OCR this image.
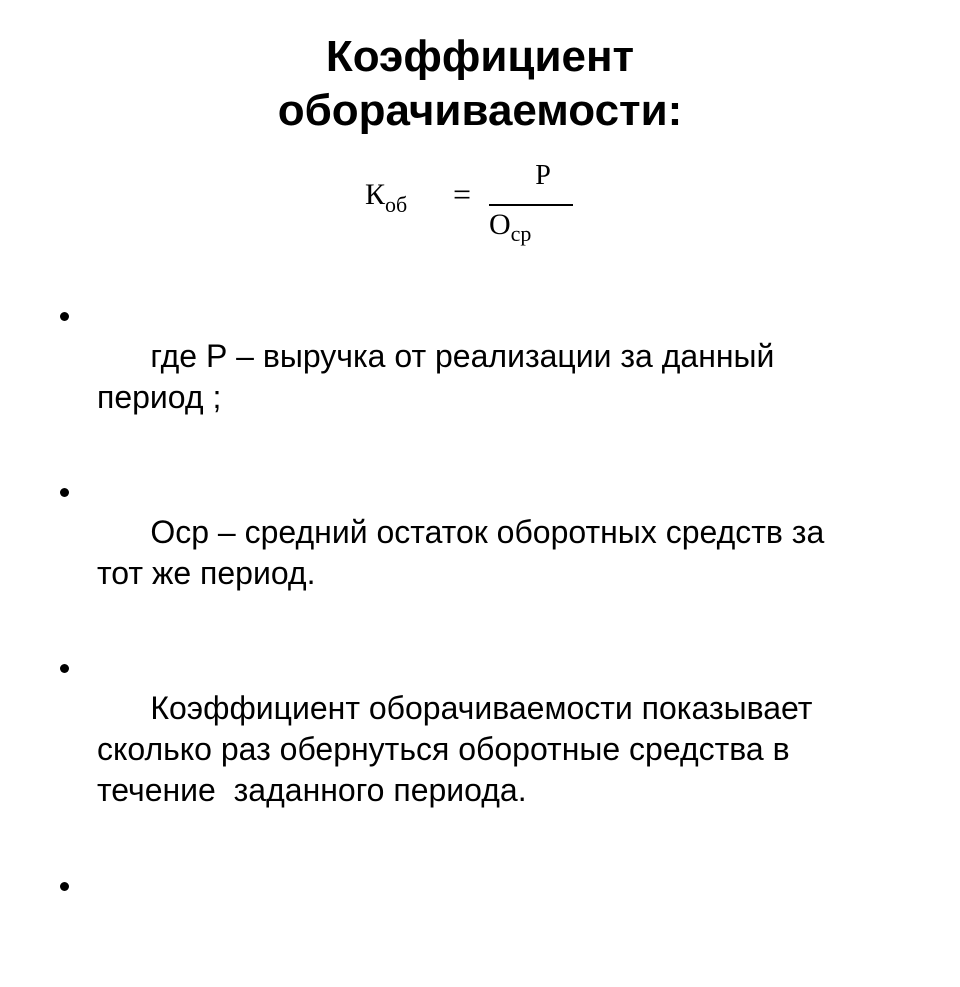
Коэффициент
оборачиваемости:
$К_{об}$ =
Р
$О_{ср}$

где Р – выручка от реализации за данный
период ;

Оср – средний остаток оборотных средств за
тот же период.

Коэффициент оборачиваемости показывает
сколько раз обернуться оборотные средства в
течение  заданного периода.
